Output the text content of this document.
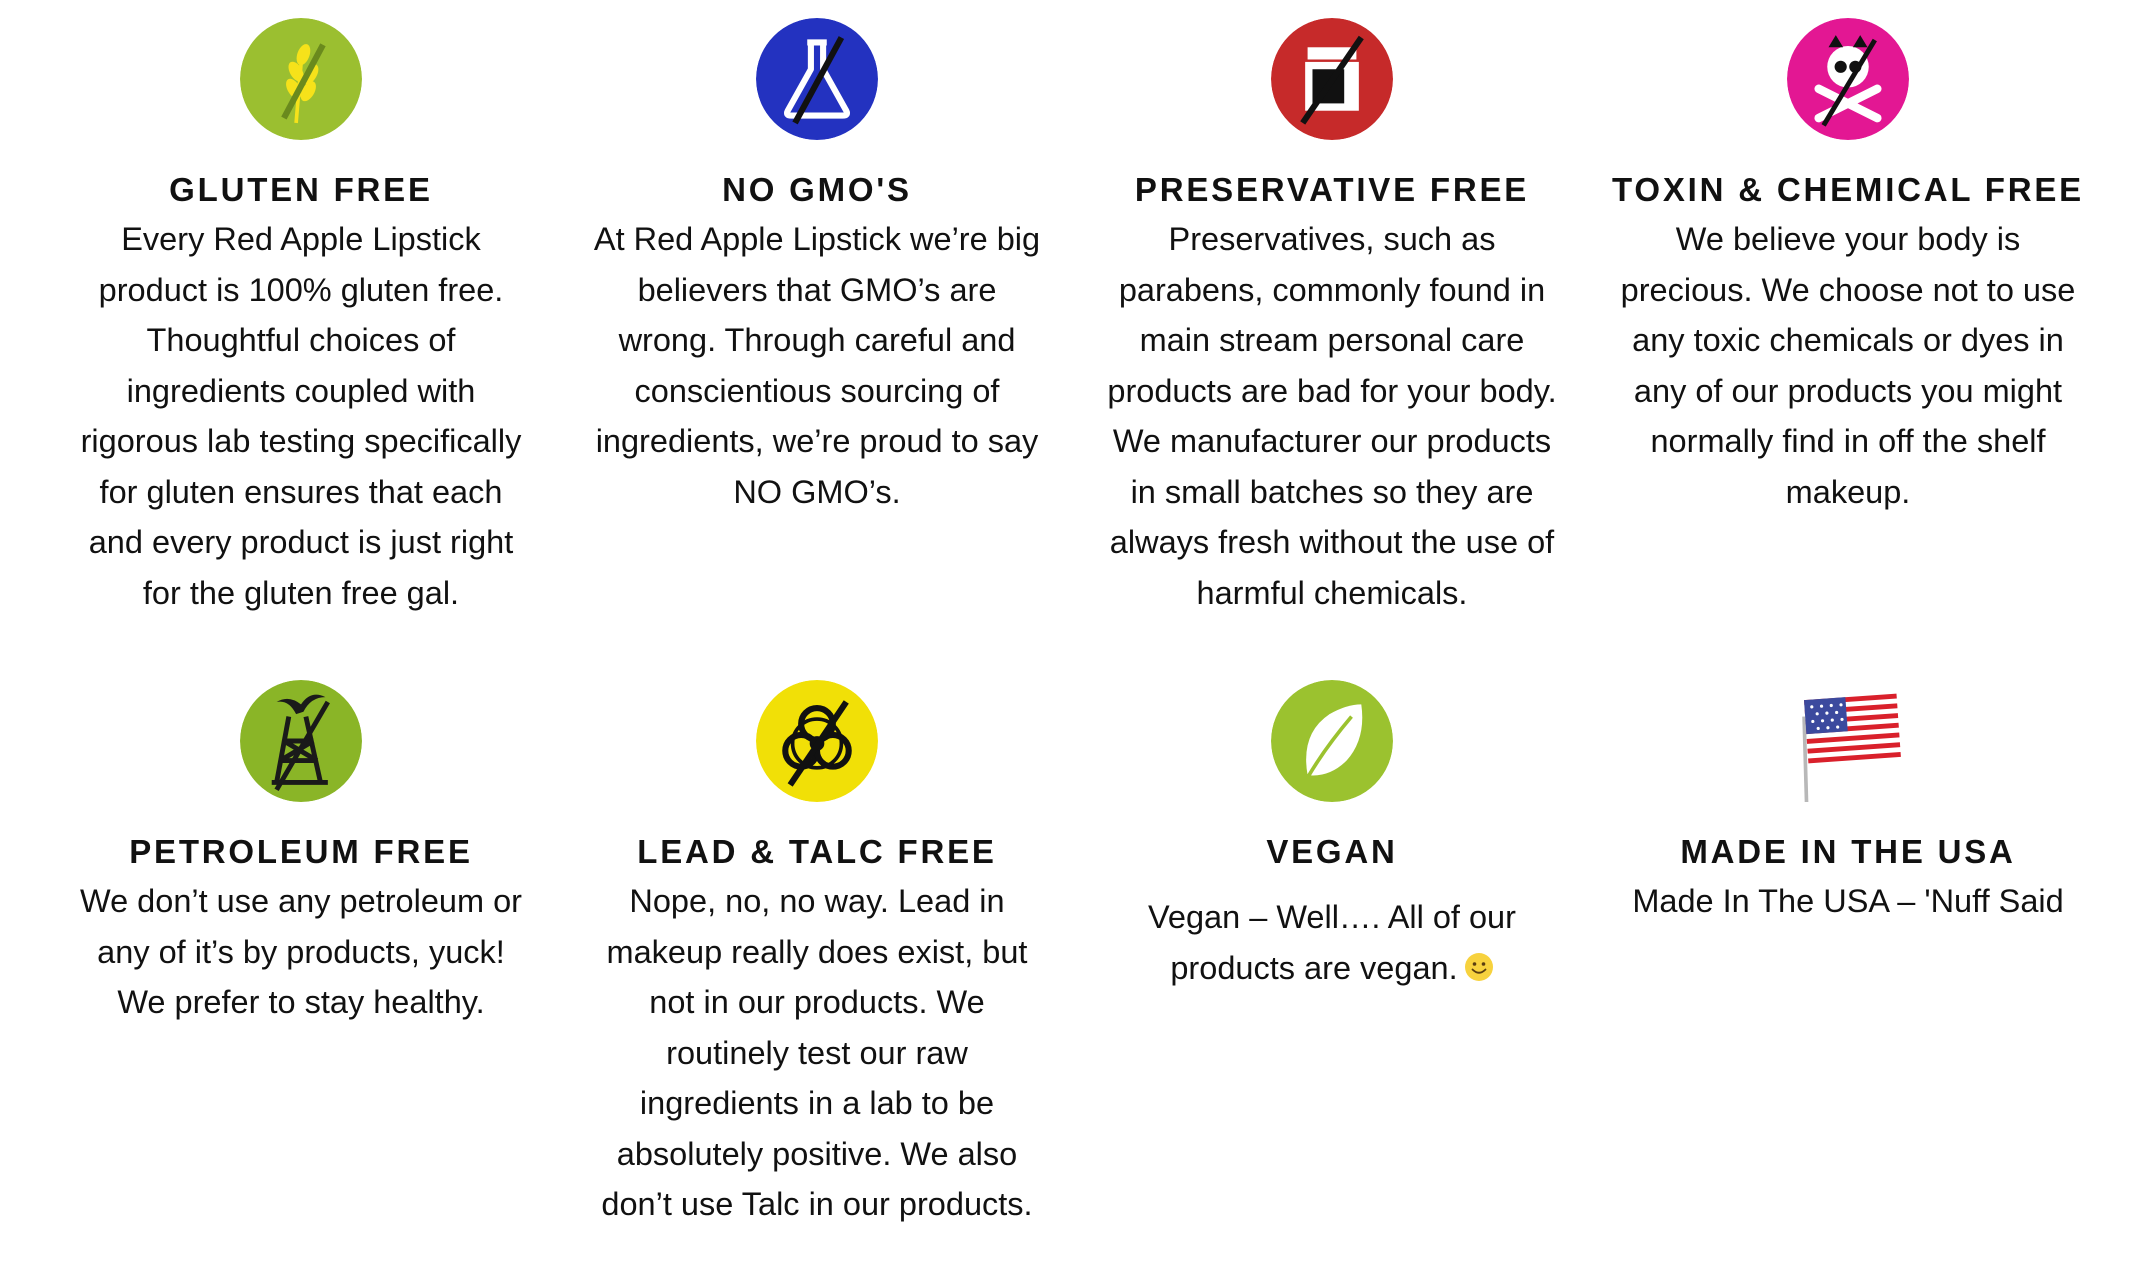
GLUTEN FREE

Every Red Apple Lipstick

product is 100% gluten free.

Thoughtful choices of

ingredients coupled with

rigorous lab testing specifically

for gluten ensures that each

and every product is just right

for the gluten free gal.

NO GMO'S

At Red Apple Lipstick we’re big

believers that GMO’s are

wrong. Through careful and

conscientious sourcing of

ingredients, we’re proud to say

NO GMO’s.

PRESERVATIVE FREE

Preservatives, such as

parabens, commonly found in

main stream personal care

products are bad for your body.

We manufacturer our products

in small batches so they are

always fresh without the use of

harmful chemicals.

TOXIN & CHEMICAL FREE

We believe your body is

precious. We choose not to use

any toxic chemicals or dyes in

any of our products you might

normally find in off the shelf

makeup.

PETROLEUM FREE

We don’t use any petroleum or

any of it’s by products, yuck!

We prefer to stay healthy.

LEAD & TALC FREE

Nope, no, no way. Lead in

makeup really does exist, but

not in our products. We

routinely test our raw

ingredients in a lab to be

absolutely positive. We also

don’t use Talc in our products.

VEGAN

Vegan – Well…. All of our

products are vegan.

MADE IN THE USA

Made In The USA – 'Nuff Said
